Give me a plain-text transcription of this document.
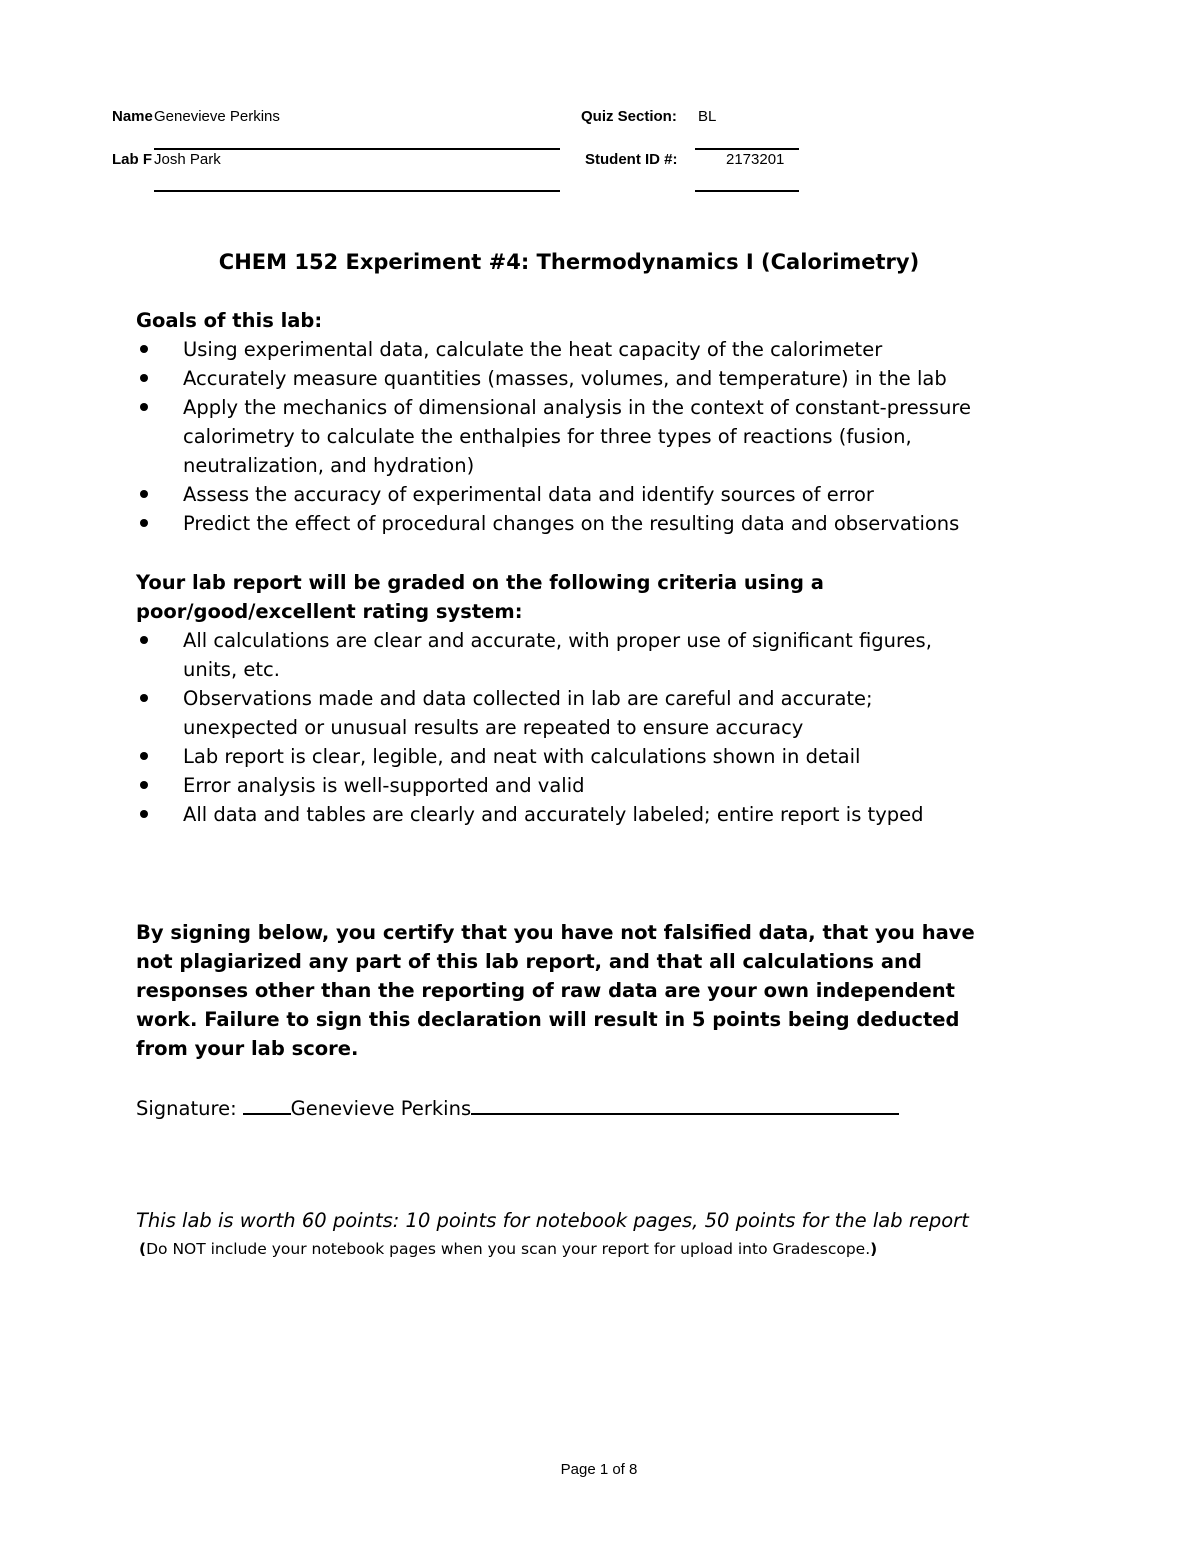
Name Genevieve Perkins	Quiz Section: BL
Lab F Josh Park	Student ID #:	2173201
CHEM 152 Experiment #4: Thermodynamics I (Calorimetry)
Goals of this lab:
Using experimental data, calculate the heat capacity of the calorimeter
Accurately measure quantities (masses, volumes, and temperature) in the lab
Apply the mechanics of dimensional analysis in the context of constant-pressure calorimetry to calculate the enthalpies for three types of reactions (fusion, neutralization, and hydration)
Assess the accuracy of experimental data and identify sources of error
Predict the effect of procedural changes on the resulting data and observations
Your lab report will be graded on the following criteria using a poor/good/excellent rating system:
All calculations are clear and accurate, with proper use of significant figures, units, etc.
Observations made and data collected in lab are careful and accurate; unexpected or unusual results are repeated to ensure accuracy
Lab report is clear, legible, and neat with calculations shown in detail
Error analysis is well-supported and valid
All data and tables are clearly and accurately labeled; entire report is typed
By signing below, you certify that you have not falsified data, that you have not plagiarized any part of this lab report, and that all calculations and responses other than the reporting of raw data are your own independent work. Failure to sign this declaration will result in 5 points being deducted from your lab score.
Signature:	Genevieve Perkins
This lab is worth 60 points: 10 points for notebook pages, 50 points for the lab report
(Do NOT include your notebook pages when you scan your report for upload into Gradescope.)
Page 1 of 8
